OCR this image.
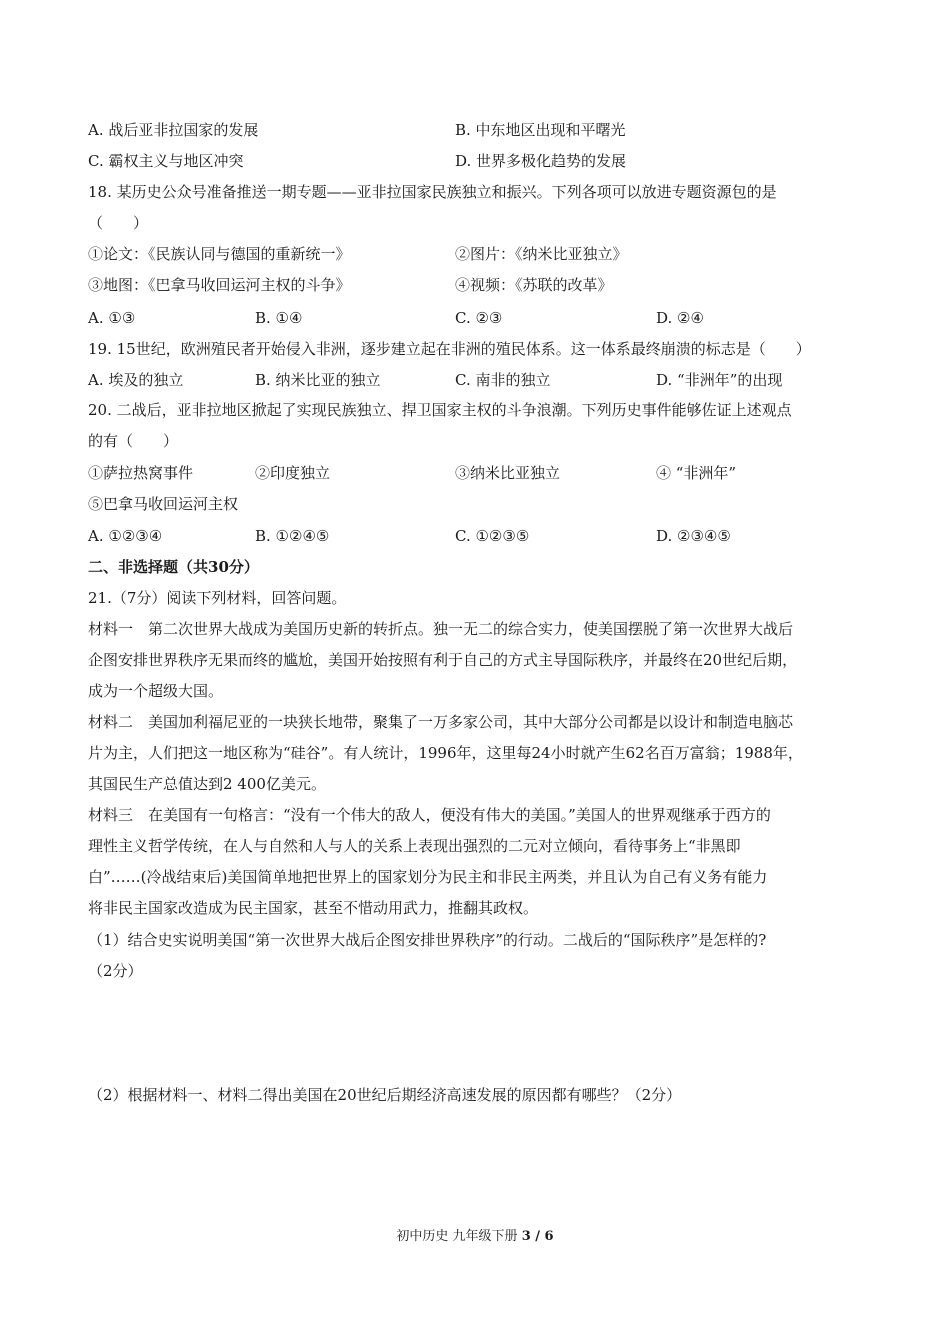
A. 战后亚非拉国家的发展	B. 中东地区出现和平曙光
C. 霸权主义与地区冲突	D. 世界多极化趋势的发展
18. 某历史公众号准备推送一期专题——亚非拉国家民族独立和振兴。下列各项可以放进专题资源包的是
（　　）
①论文：《民族认同与德国的重新统一》	②图片：《纳米比亚独立》
③地图：《巴拿马收回运河主权的斗争》	④视频：《苏联的改革》
A. ①③	B. ①④	C. ②③	D. ②④
19. 15世纪，欧洲殖民者开始侵入非洲，逐步建立起在非洲的殖民体系。这一体系最终崩溃的标志是（　　）
A. 埃及的独立	B. 纳米比亚的独立	C. 南非的独立	D. “非洲年”的出现
20. 二战后，亚非拉地区掀起了实现民族独立、捍卫国家主权的斗争浪潮。下列历史事件能够佐证上述观点
的有（　　）
①萨拉热窝事件	②印度独立	③纳米比亚独立	④ “非洲年”
⑤巴拿马收回运河主权
A. ①②③④	B. ①②④⑤	C. ①②③⑤	D. ②③④⑤
二、非选择题（共30分）
21.（7分）阅读下列材料，回答问题。
材料一　第二次世界大战成为美国历史新的转折点。独一无二的综合实力，使美国摆脱了第一次世界大战后
企图安排世界秩序无果而终的尴尬，美国开始按照有利于自己的方式主导国际秩序，并最终在20世纪后期，
成为一个超级大国。
材料二　美国加利福尼亚的一块狭长地带，聚集了一万多家公司，其中大部分公司都是以设计和制造电脑芯
片为主，人们把这一地区称为“硅谷”。有人统计，1996年，这里每24小时就产生62名百万富翁；1988年，
其国民生产总值达到2 400亿美元。
材料三　在美国有一句格言：“没有一个伟大的敌人，便没有伟大的美国。”美国人的世界观继承于西方的
理性主义哲学传统，在人与自然和人与人的关系上表现出强烈的二元对立倾向，看待事务上“非黑即
白”……(冷战结束后)美国简单地把世界上的国家划分为民主和非民主两类，并且认为自己有义务有能力
将非民主国家改造成为民主国家，甚至不惜动用武力，推翻其政权。
（1）结合史实说明美国“第一次世界大战后企图安排世界秩序”的行动。二战后的“国际秩序”是怎样的?
（2分）
（2）根据材料一、材料二得出美国在20世纪后期经济高速发展的原因都有哪些？（2分）
初中历史 九年级下册 3 / 6
